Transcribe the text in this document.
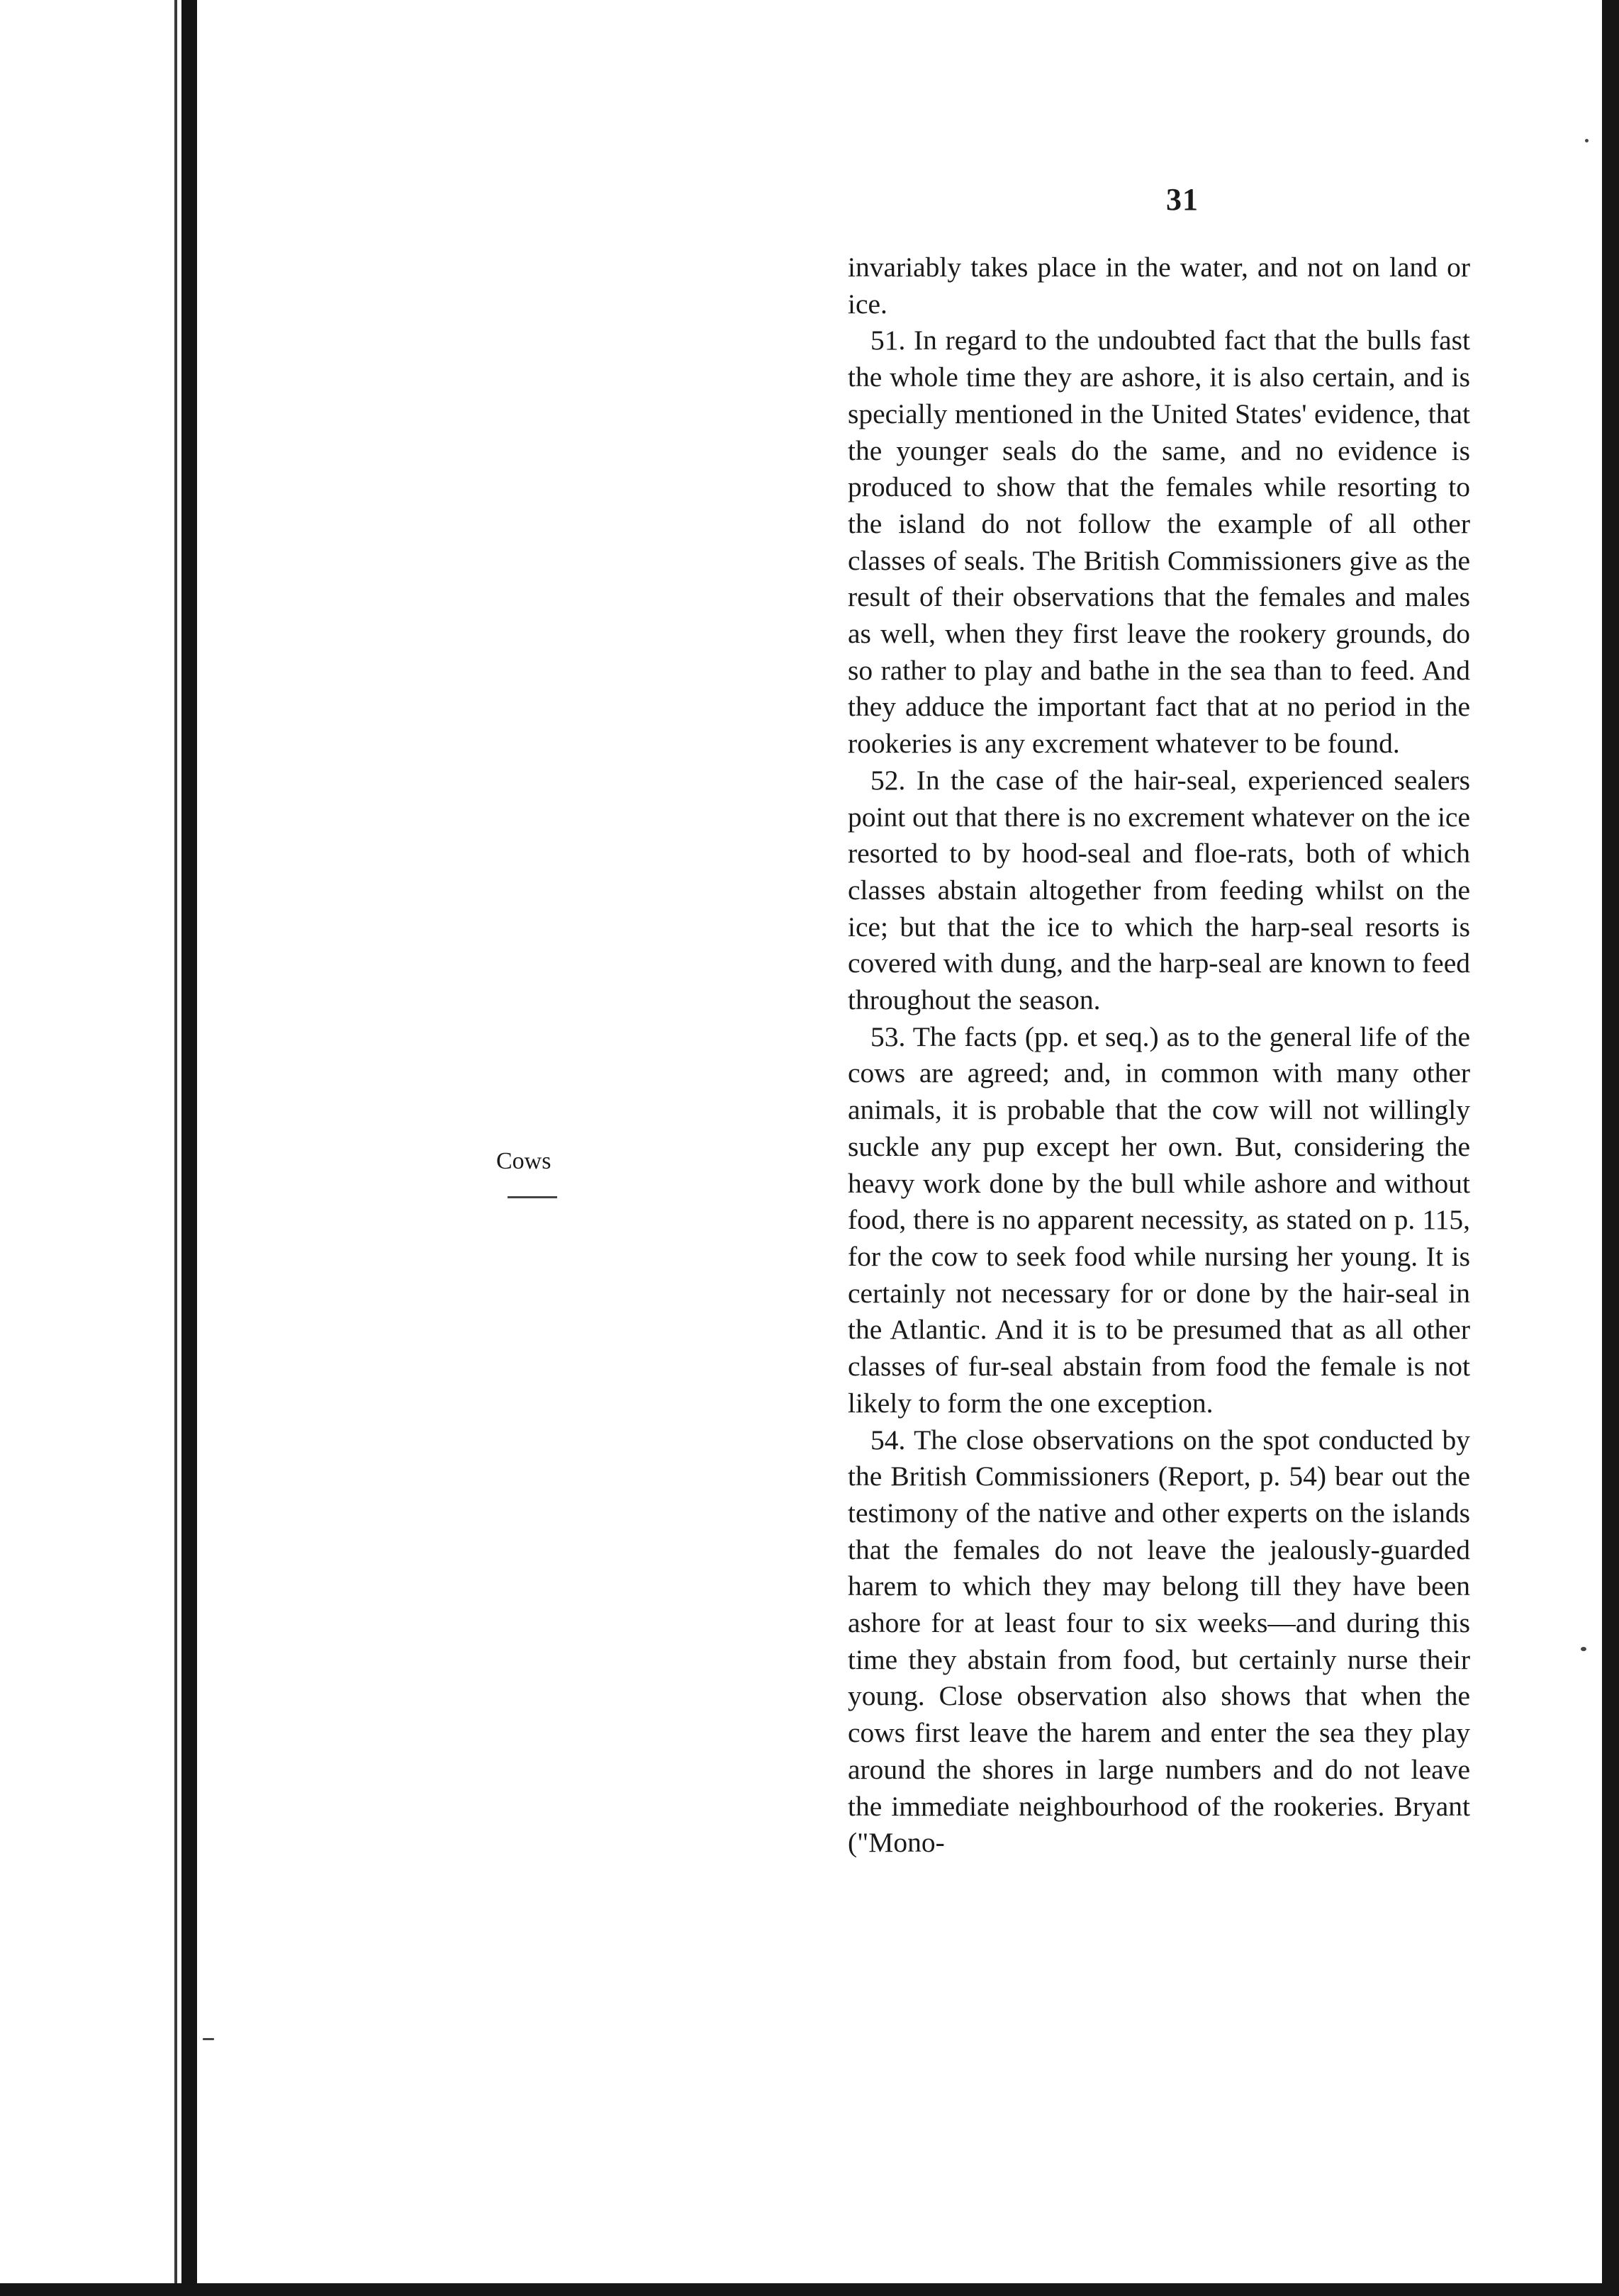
31
Cows

invariably takes place in the water, and not on land or ice.

51. In regard to the undoubted fact that the bulls fast the whole time they are ashore, it is also certain, and is specially mentioned in the United States' evidence, that the younger seals do the same, and no evidence is produced to show that the females while resorting to the island do not follow the example of all other classes of seals. The British Commissioners give as the result of their observations that the females and males as well, when they first leave the rookery grounds, do so rather to play and bathe in the sea than to feed. And they adduce the important fact that at no period in the rookeries is any excrement whatever to be found.

52. In the case of the hair-seal, experienced sealers point out that there is no excrement whatever on the ice resorted to by hood-seal and floe-rats, both of which classes abstain altogether from feeding whilst on the ice; but that the ice to which the harp-seal resorts is covered with dung, and the harp-seal are known to feed throughout the season.

53. The facts (pp. et seq.) as to the general life of the cows are agreed; and, in common with many other animals, it is probable that the cow will not willingly suckle any pup except her own. But, considering the heavy work done by the bull while ashore and without food, there is no apparent necessity, as stated on p. 115, for the cow to seek food while nursing her young. It is certainly not necessary for or done by the hair-seal in the Atlantic. And it is to be presumed that as all other classes of fur-seal abstain from food the female is not likely to form the one exception.

54. The close observations on the spot conducted by the British Commissioners (Report, p. 54) bear out the testimony of the native and other experts on the islands that the females do not leave the jealously-guarded harem to which they may belong till they have been ashore for at least four to six weeks—and during this time they abstain from food, but certainly nurse their young. Close observation also shows that when the cows first leave the harem and enter the sea they play around the shores in large numbers and do not leave the immediate neighbourhood of the rookeries. Bryant ("Mono-
